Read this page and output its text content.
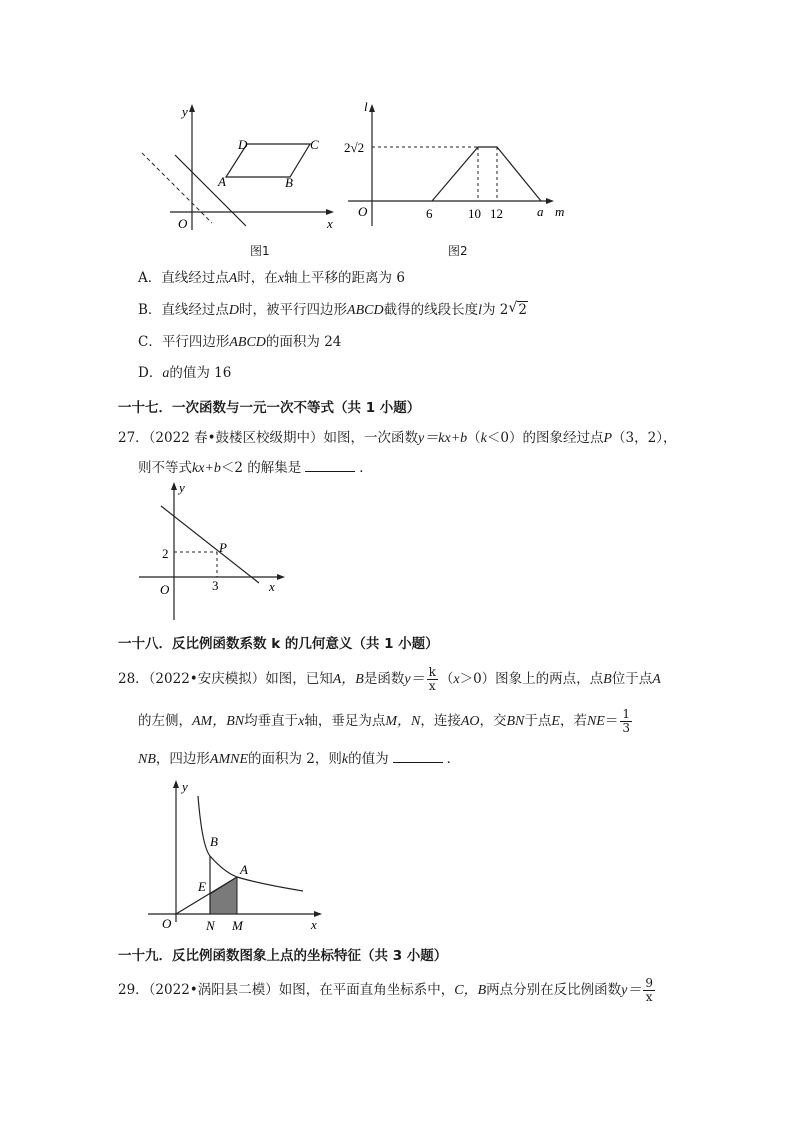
y
x
O
A	B
C
D
图1
l
m
O
2√2
6	10 12	a
图2
A．直线经过点A时，在x轴上平移的距离为 6
B．直线经过点D时，被平行四边形ABCD截得的线段长度l为 2 √ 2
C．平行四边形ABCD的面积为 24
D．a的值为 16
一十七．一次函数与一元一次不等式（共 1 小题）
27．（2022 春•鼓楼区校级期中）如图，一次函数y＝kx+b（k＜0）的图象经过点P（3，2），
则不等式kx+b＜2 的解集是	．
y
x
O
P
2
3
一十八．反比例函数系数 k 的几何意义（共 1 小题）
28．（2022•安庆模拟）如图，已知A，B是函数$y= \frac{k}{x} (x>0)$图象上的两点，点B位于点A
的左侧，AM，BN均垂直于x轴，垂足为点M，N，连接AO，交BN于点E，若$NE= \frac{1}{3}$
NB，四边形AMNE的面积为 2，则k的值为	．
y
x
O
B
A
E
N M
一十九．反比例函数图象上点的坐标特征（共 3 小题）
29．（2022•涡阳县二模）如图，在平面直角坐标系中，C，B两点分别在反比例函数$y= \frac{9}{x}$
